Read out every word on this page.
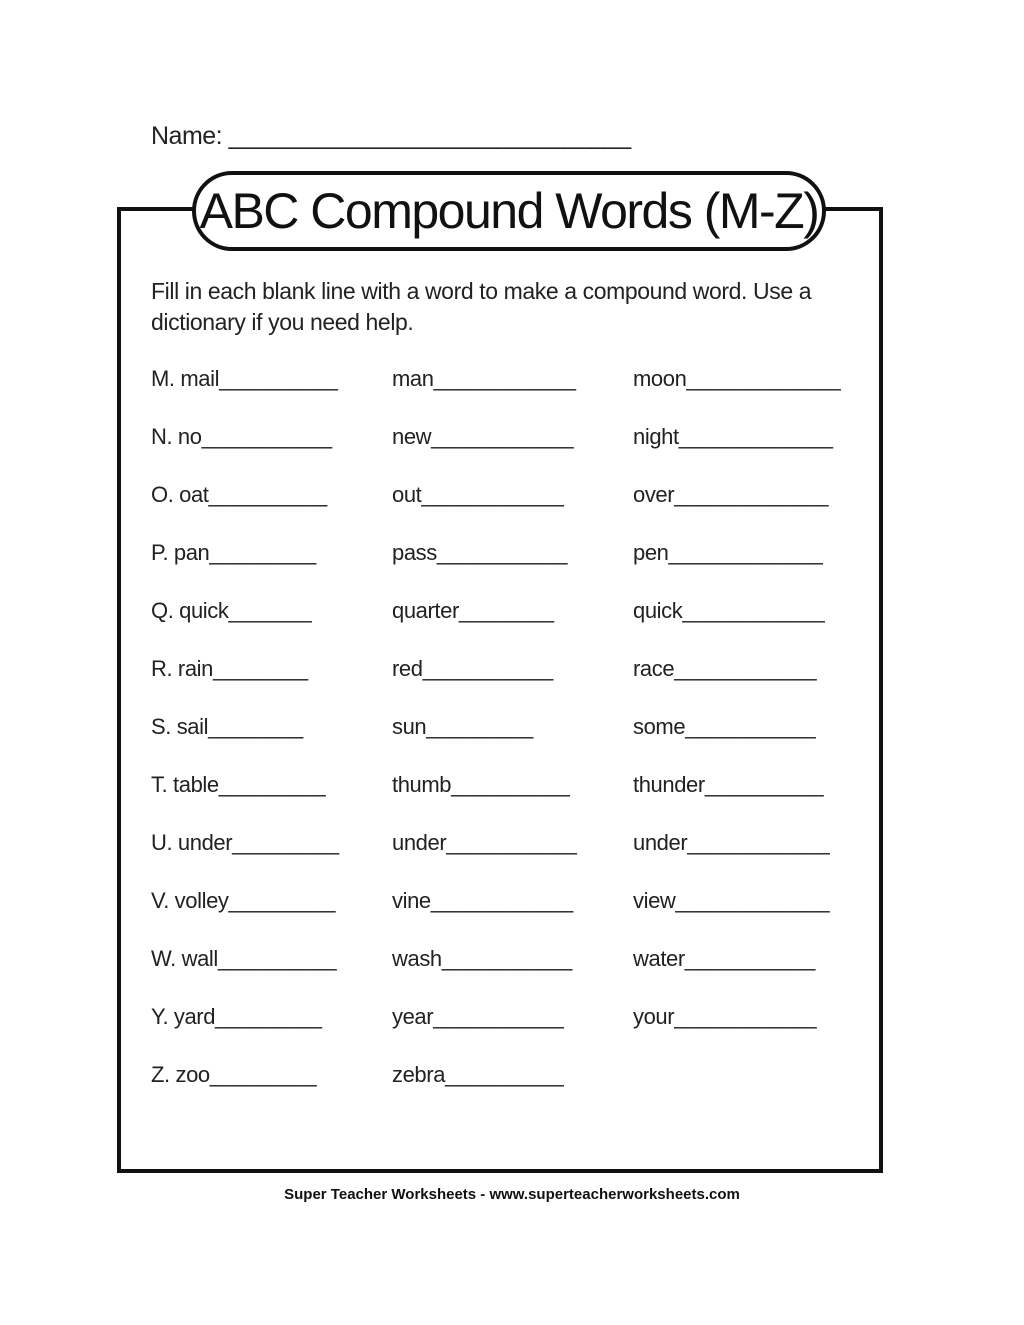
Name: ______________________________
ABC Compound Words (M-Z)
Fill in each blank line with a word to make a compound word. Use a dictionary if you need help.
M. mail__________ man____________	moon_____________
N. no___________	new____________	night_____________
O. oat__________	out____________	over_____________
P. pan_________	pass___________	pen_____________
Q. quick_______	quarter________	quick____________
R. rain________	red___________	race____________
S. sail________	sun_________	some___________
T. table_________	thumb__________	thunder__________
U. under_________ under___________	under____________
V. volley_________	vine____________	view_____________
W. wall__________	wash___________	water___________
Y. yard_________	year___________	your____________
Z. zoo_________	zebra__________
Super Teacher Worksheets - www.superteacherworksheets.com
